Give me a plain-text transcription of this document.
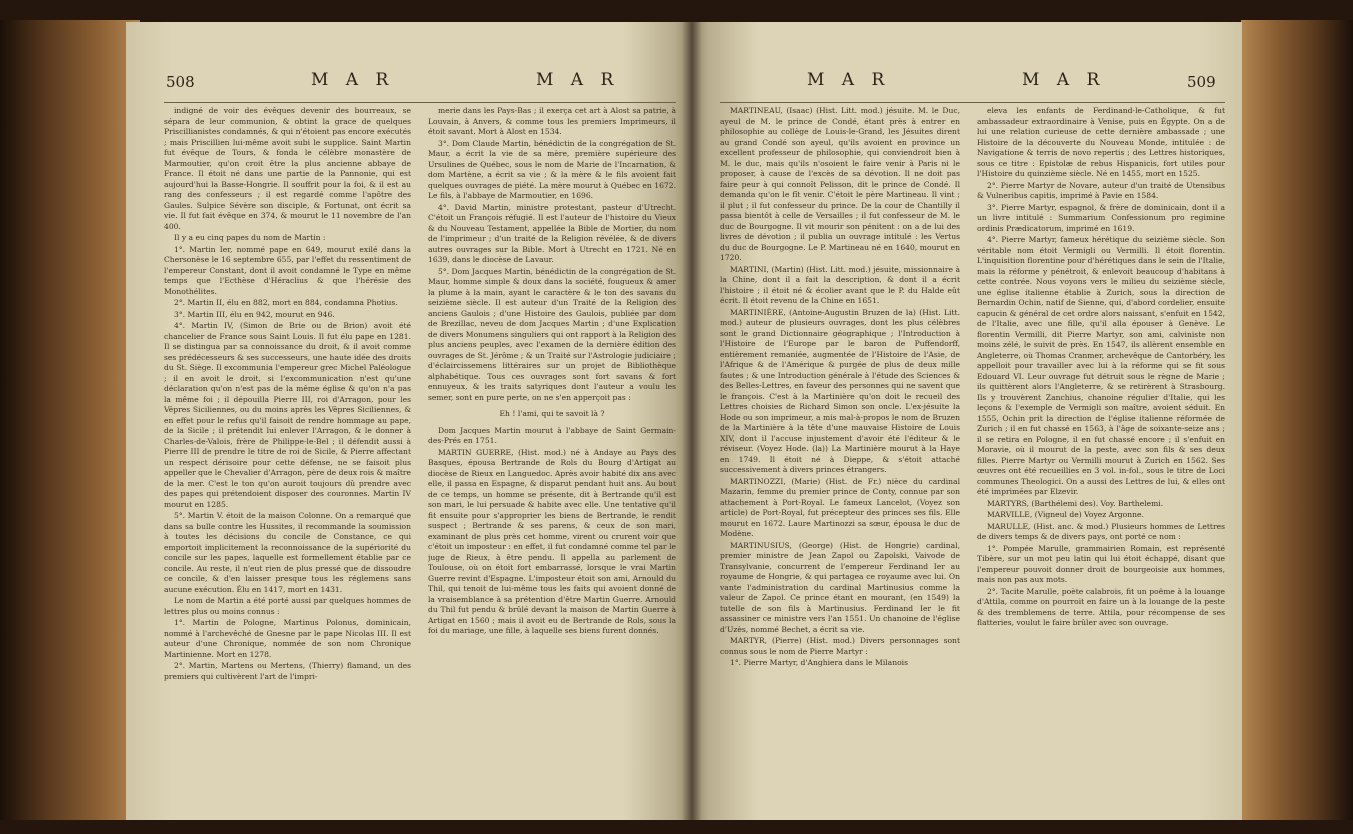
508	M A R	M A R

indigné de voir des évêques devenir des bourreaux, se sépara de leur communion, & obtint la grace de quelques Priscillianistes condamnés, & qui n'étoient pas encore exécutés ; mais Priscillien lui-même avoit subi le supplice. Saint Martin fut évêque de Tours, & fonda le célèbre monastère de Marmoutier, qu'on croit être la plus ancienne abbaye de France. Il étoit né dans une partie de la Pannonie, qui est aujourd'hui la Basse-Hongrie. Il souffrit pour la foi, & il est au rang des confesseurs ; il est regardé comme l'apôtre des Gaules. Sulpice Sévère son disciple, & Fortunat, ont écrit sa vie. Il fut fait évêque en 374, & mourut le 11 novembre de l'an 400.

Il y a eu cinq papes du nom de Martin :

1°. Martin Ier, nommé pape en 649, mourut exilé dans la Chersonèse le 16 septembre 655, par l'effet du ressentiment de l'empereur Constant, dont il avoit condamné le Type en même temps que l'Ecthèse d'Héraclius & que l'hérésie des Monothélites.

2°. Martin II, élu en 882, mort en 884, condamna Photius.

3°. Martin III, élu en 942, mourut en 946.

4°. Martin IV, (Simon de Brie ou de Brion) avoit été chancelier de France sous Saint Louis. Il fut élu pape en 1281. Il se distingua par sa connoissance du droit, & il avoit comme ses prédécesseurs & ses successeurs, une haute idée des droits du St. Siège. Il excommunia l'empereur grec Michel Paléologue ; il en avoit le droit, si l'excommunication n'est qu'une déclaration qu'on n'est pas de la même église & qu'on n'a pas la même foi ; il dépouilla Pierre III, roi d'Arragon, pour les Vêpres Siciliennes, ou du moins après les Vêpres Siciliennes, & en effet pour le refus qu'il faisoit de rendre hommage au pape, de la Sicile ; il prétendit lui enlever l'Arragon, & le donner à Charles-de-Valois, frère de Philippe-le-Bel ; il défendit aussi à Pierre III de prendre le titre de roi de Sicile, & Pierre affectant un respect dérisoire pour cette défense, ne se faisoit plus appeller que le Chevalier d'Arragon, père de deux rois & maître de la mer. C'est le ton qu'on auroit toujours dû prendre avec des papes qui prétendoient disposer des couronnes. Martin IV mourut en 1285.

5°. Martin V. étoit de la maison Colonne. On a remarqué que dans sa bulle contre les Hussites, il recommande la soumission à toutes les décisions du concile de Constance, ce qui emportoit implicitement la reconnoissance de la supériorité du concile sur les papes, laquelle est formellement établie par ce concile. Au reste, il n'eut rien de plus pressé que de dissoudre ce concile, & d'en laisser presque tous les réglemens sans aucune exécution. Élu en 1417, mort en 1431.

Le nom de Martin a été porté aussi par quelques hommes de lettres plus ou moins connus :

1°. Martin de Pologne, Martinus Polonus, dominicain, nommé à l'archevêché de Gnesne par le pape Nicolas III. Il est auteur d'une Chronique, nommée de son nom Chronique Martinienne. Mort en 1278.

2°. Martin, Martens ou Mertens, (Thierry) flamand, un des premiers qui cultivèrent l'art de l'impri-

merie dans les Pays-Bas ; il exerça cet art à Alost sa patrie, à Louvain, à Anvers, & comme tous les premiers Imprimeurs, il étoit savant. Mort à Alost en 1534.

3°. Dom Claude Martin, bénédictin de la congrégation de St. Maur, a écrit la vie de sa mère, première supérieure des Ursulines de Québec, sous le nom de Marie de l'Incarnation, & dom Martène, a écrit sa vie ; & la mère & le fils avoient fait quelques ouvrages de piété. La mère mourut à Québec en 1672. Le fils, à l'abbaye de Marmoutier, en 1696.

4°. David Martin, ministre protestant, pasteur d'Utrecht. C'étoit un François réfugié. Il est l'auteur de l'histoire du Vieux & du Nouveau Testament, appellée la Bible de Mortier, du nom de l'imprimeur ; d'un traité de la Religion révélée, & de divers autres ouvrages sur la Bible. Mort à Utrecht en 1721. Né en 1639, dans le diocèse de Lavaur.

5°. Dom Jacques Martin, bénédictin de la congrégation de St. Maur, homme simple & doux dans la société, fougueux & amer la plume à la main, ayant le caractère & le ton des savans du seizième siècle. Il est auteur d'un Traité de la Religion des anciens Gaulois ; d'une Histoire des Gaulois, publiée par dom de Brezillac, neveu de dom Jacques Martin ; d'une Explication de divers Monumens singuliers qui ont rapport à la Religion des plus anciens peuples, avec l'examen de la dernière édition des ouvrages de St. Jérôme ; & un Traité sur l'Astrologie judiciaire ; d'éclaircissemens littéraires sur un projet de Bibliothèque alphabétique. Tous ces ouvrages sont fort savans & fort ennuyeux, & les traits satyriques dont l'auteur a voulu les semer, sont en pure perte, on ne s'en apperçoit pas :

Eh ! l'ami, qui te savoit là ?

Dom Jacques Martin mourut à l'abbaye de Saint Germain-des-Prés en 1751.

MARTIN GUERRE, (Hist. mod.) né à Andaye au Pays des Basques, épousa Bertrande de Rols du Bourg d'Artigat au diocèse de Rieux en Languedoc. Après avoir habité dix ans avec elle, il passa en Espagne, & disparut pendant huit ans. Au bout de ce temps, un homme se présente, dit à Bertrande qu'il est son mari, le lui persuade & habite avec elle. Une tentative qu'il fit ensuite pour s'approprier les biens de Bertrande, le rendit suspect ; Bertrande & ses parens, & ceux de son mari, examinant de plus près cet homme, virent ou crurent voir que c'étoit un imposteur : en effet, il fut condamné comme tel par le juge de Rieux, à être pendu. Il appella au parlement de Toulouse, où on étoit fort embarrassé, lorsque le vrai Martin Guerre revint d'Espagne. L'imposteur étoit son ami, Arnould du Thil, qui tenoit de lui-même tous les faits qui avoient donné de la vraisemblance à sa prétention d'être Martin Guerre. Arnould du Thil fut pendu & brûlé devant la maison de Martin Guerre à Artigat en 1560 ; mais il avoit eu de Bertrande de Rols, sous la foi du mariage, une fille, à laquelle ses biens furent donnés.

M A R	M A R	509

MARTINEAU, (Isaac) (Hist. Litt. mod.) jésuite. M. le Duc, ayeul de M. le prince de Condé, étant près à entrer en philosophie au collège de Louis-le-Grand, les Jésuites dirent au grand Condé son ayeul, qu'ils avoient en province un excellent professeur de philosophie, qui conviendroit bien à M. le duc, mais qu'ils n'osoient le faire venir à Paris ni le proposer, à cause de l'excès de sa dévotion. Il ne doit pas faire peur à qui connoît Pelisson, dit le prince de Condé. Il demanda qu'on le fît venir. C'étoit le père Martineau. Il vint ; il plut ; il fut confesseur du prince. De la cour de Chantilly il passa bientôt à celle de Versailles ; il fut confesseur de M. le duc de Bourgogne. Il vit mourir son pénitent : on a de lui des livres de dévotion ; il publia un ouvrage intitulé : les Vertus du duc de Bourgogne. Le P. Martineau né en 1640, mourut en 1720.

MARTINI, (Martin) (Hist. Litt. mod.) jésuite, missionnaire à la Chine, dont il a fait la description, & dont il a écrit l'histoire ; il étoit né & écolier avant que le P. du Halde eût écrit. Il étoit revenu de la Chine en 1651.

MARTINIÈRE, (Antoine-Augustin Bruzen de la) (Hist. Litt. mod.) auteur de plusieurs ouvrages, dont les plus célèbres sont le grand Dictionnaire géographique ; l'Introduction à l'Histoire de l'Europe par le baron de Puffendorff, entièrement remaniée, augmentée de l'Histoire de l'Asie, de l'Afrique & de l'Amérique & purgée de plus de deux mille fautes ; & une Introduction générale à l'étude des Sciences & des Belles-Lettres, en faveur des personnes qui ne savent que le françois. C'est à la Martinière qu'on doit le recueil des Lettres choisies de Richard Simon son oncle. L'ex-jésuite la Hode ou son imprimeur, a mis mal-à-propos le nom de Bruzen de la Martinière à la tête d'une mauvaise Histoire de Louis XIV, dont il l'accuse injustement d'avoir été l'éditeur & le réviseur. (Voyez Hode. (la)) La Martinière mourut à la Haye en 1749. Il étoit né à Dieppe, & s'étoit attaché successivement à divers princes étrangers.

MARTINOZZI, (Marie) (Hist. de Fr.) nièce du cardinal Mazarin, femme du premier prince de Conty, connue par son attachement à Port-Royal. Le fameux Lancelot, (Voyez son article) de Port-Royal, fut précepteur des princes ses fils. Elle mourut en 1672. Laure Martinozzi sa sœur, épousa le duc de Modène.

MARTINUSIUS, (George) (Hist. de Hongrie) cardinal, premier ministre de Jean Zapol ou Zapolski, Vaivode de Transylvanie, concurrent de l'empereur Ferdinand Ier au royaume de Hongrie, & qui partagea ce royaume avec lui. On vante l'administration du cardinal Martinusius comme la valeur de Zapol. Ce prince étant en mourant, (en 1549) la tutelle de son fils à Martinusius. Ferdinand Ier le fit assassiner ce ministre vers l'an 1551. Un chanoine de l'église d'Uzès, nommé Bechet, a écrit sa vie.

MARTYR, (Pierre) (Hist. mod.) Divers personnages sont connus sous le nom de Pierre Martyr :

1°. Pierre Martyr, d'Anghiera dans le Milanois

eleva les enfants de Ferdinand-le-Catholique, & fut ambassadeur extraordinaire à Venise, puis en Égypte. On a de lui une relation curieuse de cette dernière ambassade ; une Histoire de la découverte du Nouveau Monde, intitulée : de Navigatione & terris de novo repertis ; des Lettres historiques, sous ce titre : Epistolæ de rebus Hispanicis, fort utiles pour l'Histoire du quinzième siècle. Né en 1455, mort en 1525.

2°. Pierre Martyr de Novare, auteur d'un traité de Utensibus & Vulneribus capitis, imprimé à Pavie en 1584.

3°. Pierre Martyr, espagnol, & frère de dominicain, dont il a un livre intitulé : Summarium Confessionum pro regimine ordinis Prædicatorum, imprimé en 1619.

4°. Pierre Martyr, fameux hérétique du seizième siècle. Son véritable nom étoit Vermigli ou Vermilli. Il étoit florentin. L'inquisition florentine pour d'hérétiques dans le sein de l'Italie, mais la réforme y pénétroit, & enlevoit beaucoup d'habitans à cette contrée. Nous voyons vers le milieu du seizième siècle, une église italienne établie à Zurich, sous la direction de Bernardin Ochin, natif de Sienne, qui, d'abord cordelier, ensuite capucin & général de cet ordre alors naissant, s'enfuit en 1542, de l'Italie, avec une fille, qu'il alla épouser à Genève. Le florentin Vermilli, dit Pierre Martyr, son ami, calviniste non moins zélé, le suivit de près. En 1547, ils allèrent ensemble en Angleterre, où Thomas Cranmer, archevêque de Cantorbéry, les appelloit pour travailler avec lui à la réforme qui se fit sous Edouard VI. Leur ouvrage fut détruit sous le règne de Marie ; ils quittèrent alors l'Angleterre, & se retirèrent à Strasbourg. Ils y trouvèrent Zanchius, chanoine régulier d'Italie, qui les leçons & l'exemple de Vermigli son maître, avoient séduit. En 1555, Ochin prit la direction de l'église italienne réformée de Zurich ; il en fut chassé en 1563, à l'âge de soixante-seize ans ; il se retira en Pologne, il en fut chassé encore ; il s'enfuit en Moravie, où il mourut de la peste, avec son fils & ses deux filles. Pierre Martyr ou Vermilli mourut à Zurich en 1562. Ses œuvres ont été recueillies en 3 vol. in-fol., sous le titre de Loci communes Theologici. On a aussi des Lettres de lui, & elles ont été imprimées par Elzevir.

MARTYRS, (Barthélemi des). Voy. Barthelemi.

MARVILLE, (Vigneul de) Voyez Argonne.

MARULLE, (Hist. anc. & mod.) Plusieurs hommes de Lettres de divers temps & de divers pays, ont porté ce nom :

1°. Pompée Marulle, grammairien Romain, est représenté Tibère, sur un mot peu latin qui lui étoit échappé, disant que l'empereur pouvoit donner droit de bourgeoisie aux hommes, mais non pas aux mots.

2°. Tacite Marulle, poète calabrois, fit un poëme à la louange d'Attila, comme on pourroit en faire un à la louange de la peste & des tremblemens de terre. Attila, pour récompense de ses flatteries, voulut le faire brûler avec son ouvrage.
